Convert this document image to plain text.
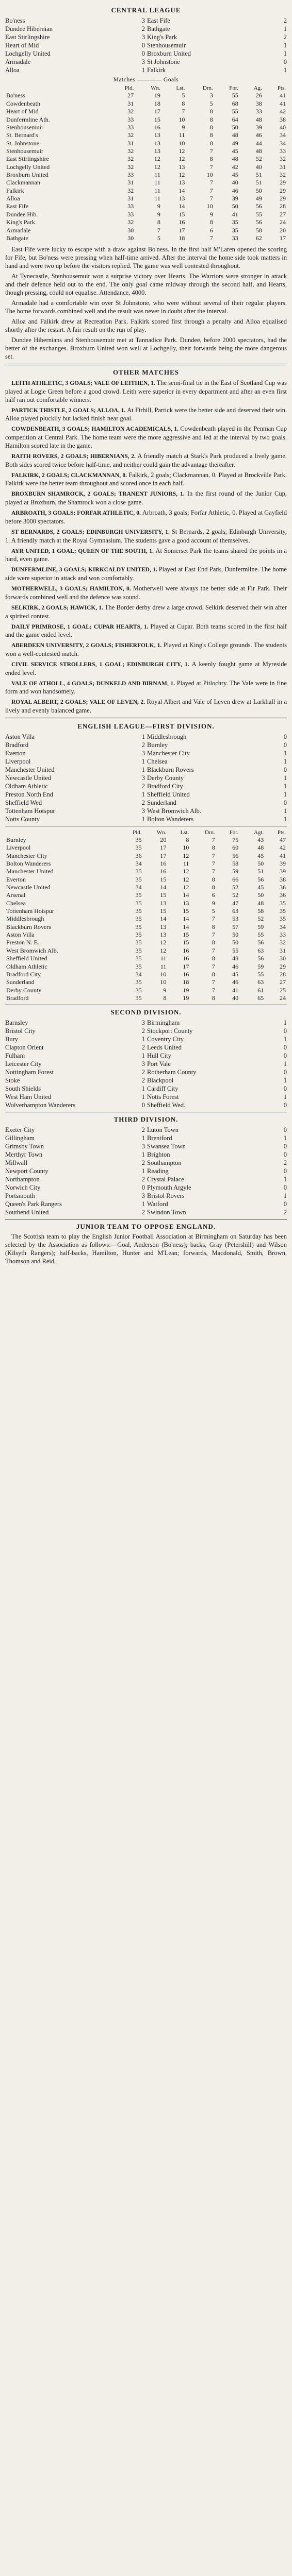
CENTRAL LEAGUE
Bo'ness	3 East Fife	2
Dundee Hibernian	2 Bathgate	1
East Stirlingshire	3 King's Park	2
Heart of Mid	0 Stenhousemuir	1
Lochgelly United	0 Broxburn United	1
Armadale	3 St Johnstone	0
Alloa	1 Falkirk	1
Matches ———— Goals
	Pld.	Wn.	Lst.	Drn.	For.	Ag.	Pts.
Bo'ness	27	19	5	3	55	26	41
Cowdenbeath	31	18	8	5	68	38	41
Heart of Mid	32	17	7	8	55	33	42
Dunfermline Ath.	33	15	10	8	64	48	38
Stenhousemuir	33	16	9	8	50	39	40
St. Bernard's	32	13	11	8	48	46	34
St. Johnstone	31	13	10	8	49	44	34
Stenhousemuir	32	13	12	7	45	48	33
East Stirlingshire	32	12	12	8	48	52	32
Lochgelly United	32	12	13	7	42	40	31
Broxburn United	33	11	12	10	45	51	32
Clackmannan	31	11	13	7	40	51	29
Falkirk	32	11	14	7	46	50	29
Alloa	31	11	13	7	39	49	29
East Fife	33	9	14	10	50	56	28
Dundee Hib.	33	9	15	9	41	55	27
King's Park	32	8	16	8	35	56	24
Armadale	30	7	17	6	35	58	20
Bathgate	30	5	18	7	33	62	17

East Fife were lucky to escape with a draw against Bo'ness. In the first half M'Laren opened the scoring for Fife, but Bo'ness were pressing when half-time arrived. After the interval the home side took matters in hand and were two up before the visitors replied. The game was well contested throughout.

At Tynecastle, Stenhousemuir won a surprise victory over Hearts. The Warriors were stronger in attack and their defence held out to the end. The only goal came midway through the second half, and Hearts, though pressing, could not equalise. Attendance, 4000.

Armadale had a comfortable win over St Johnstone, who were without several of their regular players. The home forwards combined well and the result was never in doubt after the interval.

Alloa and Falkirk drew at Recreation Park. Falkirk scored first through a penalty and Alloa equalised shortly after the restart. A fair result on the run of play.

Dundee Hibernians and Stenhousemuir met at Tannadice Park. Dundee, before 2000 spectators, had the better of the exchanges. Broxburn United won well at Lochgelly, their forwards being the more dangerous set.

OTHER MATCHES

LEITH ATHLETIC, 3 GOALS; VALE OF LEITHEN, 1. The semi-final tie in the East of Scotland Cup was played at Logie Green before a good crowd. Leith were superior in every department and after an even first half ran out comfortable winners.

PARTICK THISTLE, 2 GOALS; ALLOA, 1. At Firhill, Partick were the better side and deserved their win. Alloa played pluckily but lacked finish near goal.

COWDENBEATH, 3 GOALS; HAMILTON ACADEMICALS, 1. Cowdenbeath played in the Penman Cup competition at Central Park. The home team were the more aggressive and led at the interval by two goals. Hamilton scored late in the game.

RAITH ROVERS, 2 GOALS; HIBERNIANS, 2. A friendly match at Stark's Park produced a lively game. Both sides scored twice before half-time, and neither could gain the advantage thereafter.

FALKIRK, 2 GOALS; CLACKMANNAN, 0. Falkirk, 2 goals; Clackmannan, 0. Played at Brockville Park. Falkirk were the better team throughout and scored once in each half.

BROXBURN SHAMROCK, 2 GOALS; TRANENT JUNIORS, 1. In the first round of the Junior Cup, played at Broxburn, the Shamrock won a close game.

ARBROATH, 3 GOALS; FORFAR ATHLETIC, 0. Arbroath, 3 goals; Forfar Athletic, 0. Played at Gayfield before 3000 spectators.

ST BERNARDS, 2 GOALS; EDINBURGH UNIVERSITY, 1. St Bernards, 2 goals; Edinburgh University, 1. A friendly match at the Royal Gymnasium. The students gave a good account of themselves.

AYR UNITED, 1 GOAL; QUEEN OF THE SOUTH, 1. At Somerset Park the teams shared the points in a hard, even game.

DUNFERMLINE, 3 GOALS; KIRKCALDY UNITED, 1. Played at East End Park, Dunfermline. The home side were superior in attack and won comfortably.

MOTHERWELL, 3 GOALS; HAMILTON, 0. Motherwell were always the better side at Fir Park. Their forwards combined well and the defence was sound.

SELKIRK, 2 GOALS; HAWICK, 1. The Border derby drew a large crowd. Selkirk deserved their win after a spirited contest.

DAILY PRIMROSE, 1 GOAL; CUPAR HEARTS, 1. Played at Cupar. Both teams scored in the first half and the game ended level.

ABERDEEN UNIVERSITY, 2 GOALS; FISHERFOLK, 1. Played at King's College grounds. The students won a well-contested match.

CIVIL SERVICE STROLLERS, 1 GOAL; EDINBURGH CITY, 1. A keenly fought game at Myreside ended level.

VALE OF ATHOLL, 4 GOALS; DUNKELD AND BIRNAM, 1. Played at Pitlochry. The Vale were in fine form and won handsomely.

ROYAL ALBERT, 2 GOALS; VALE OF LEVEN, 2. Royal Albert and Vale of Leven drew at Larkhall in a lively and evenly balanced game.

ENGLISH LEAGUE—FIRST DIVISION.
Aston Villa	1 Middlesbrough	0
Bradford	2 Burnley	0
Everton	3 Manchester City	1
Liverpool	1 Chelsea	1
Manchester United	1 Blackburn Rovers	0
Newcastle United	3 Derby County	1
Oldham Athletic	2 Bradford City	1
Preston North End	1 Sheffield United	1
Sheffield Wed	2 Sunderland	0
Tottenham Hotspur	3 West Bromwich Alb.	1
Notts County	1 Bolton Wanderers	1
	Pld.	Wn.	Lst.	Drn.	For.	Agt.	Pts.
Burnley	35	20	8	7	75	43	47
Liverpool	35	17	10	8	60	48	42
Manchester City	36	17	12	7	56	45	41
Bolton Wanderers	34	16	11	7	58	50	39
Manchester United	35	16	12	7	59	51	39
Everton	35	15	12	8	66	56	38
Newcastle United	34	14	12	8	52	45	36
Arsenal	35	15	14	6	52	50	36
Chelsea	35	13	13	9	47	48	35
Tottenham Hotspur	35	15	15	5	63	58	35
Middlesbrough	35	14	14	7	53	52	35
Blackburn Rovers	35	13	14	8	57	59	34
Aston Villa	35	13	15	7	50	55	33
Preston N. E.	35	12	15	8	50	56	32
West Bromwich Alb.	35	12	16	7	55	63	31
Sheffield United	35	11	16	8	48	56	30
Oldham Athletic	35	11	17	7	46	59	29
Bradford City	34	10	16	8	45	55	28
Sunderland	35	10	18	7	46	63	27
Derby County	35	9	19	7	41	61	25
Bradford	35	8	19	8	40	65	24
SECOND DIVISION.
Barnsley	3 Birmingham	1
Bristol City	2 Stockport County	0
Bury	1 Coventry City	1
Clapton Orient	2 Leeds United	0
Fulham	1 Hull City	0
Leicester City	3 Port Vale	1
Nottingham Forest	2 Rotherham County	0
Stoke	2 Blackpool	1
South Shields	1 Cardiff City	0
West Ham United	1 Notts Forest	1
Wolverhampton Wanderers	0 Sheffield Wed.	0
THIRD DIVISION.
Exeter City	2 Luton Town	0
Gillingham	1 Brentford	1
Grimsby Town	3 Swansea Town	0
Merthyr Town	1 Brighton	0
Millwall	2 Southampton	2
Newport County	1 Reading	0
Northampton	2 Crystal Palace	1
Norwich City	0 Plymouth Argyle	0
Portsmouth	3 Bristol Rovers	1
Queen's Park Rangers	1 Watford	0
Southend United	2 Swindon Town	2
JUNIOR TEAM TO OPPOSE ENGLAND.

The Scottish team to play the English Junior Football Association at Birmingham on Saturday has been selected by the Association as follows:—Goal, Anderson (Bo'ness); backs, Gray (Petershill) and Wilson (Kilsyth Rangers); half-backs, Hamilton, Hunter and M'Lean; forwards, Macdonald, Smith, Brown, Thomson and Reid.
